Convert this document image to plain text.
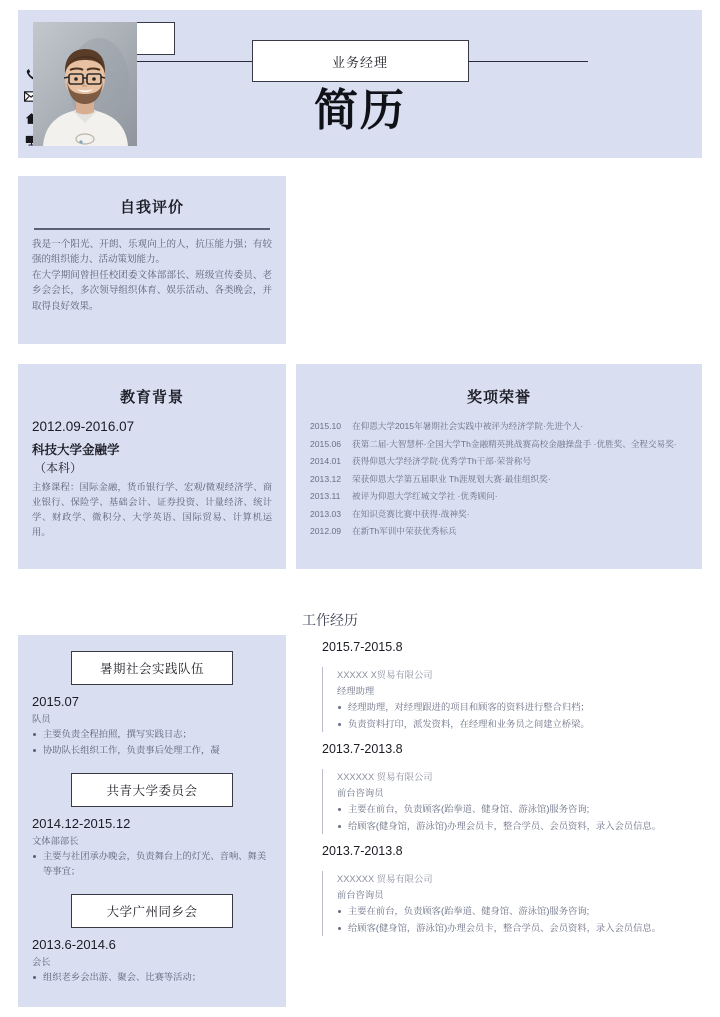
业务经理
简历
自我评价

我是一个阳光、开朗、乐观向上的人，抗压能力强；有较强的组织能力、活动策划能力。

在大学期间曾担任校团委文体部部长、班级宣传委员、老乡会会长，多次领导组织体育、娱乐活动、各类晚会，并取得良好效果。

教育背景
2012.09-2016.07
科技大学金融学
（本科）
主修课程：国际金融，货币银行学、宏观/微观经济学、商业银行、保险学、基础会计、证券投资、计量经济、统计学、财政学、微积分、大学英语、国际贸易、计算机运用。
奖项荣誉
2015.10	在仰恩大学2015年暑期社会实践中被评为经济学院·先进个人·
2015.06	获第二届·大智慧杯·全国大学Th金融精英挑战赛高校金融操盘手 ·优胜奖、全程交易奖·
2014.01	获得仰恩大学经济学院·优秀学Th干部·荣誉称号
2013.12	荣获仰恩大学第五届职业 Th涯规划大赛·最佳组织奖·
2013.11	被评为仰恩大学红城文学社 ·优秀顾问·
2013.03	在知识竞赛比赛中获得·战神奖·
2012.09	在新Th军训中荣获优秀标兵
暑期社会实践队伍
2015.07
队员
主要负责全程拍照，撰写实践日志；
协助队长组织工作，负责事后处理工作，凝
共青大学委员会
2014.12-2015.12
文体部部长
主要与社团承办晚会，负责舞台上的灯光、音响、舞美等事宜；
大学广州同乡会
2013.6-2014.6
会长
组织老乡会出游、聚会、比赛等活动；
工作经历
2015.7-2015.8
XXXXX X贸易有限公司
经理助理
经理助理，对经理跟进的项目和顾客的资料进行整合归档；
负责资料打印，派发资料，在经理和业务员之间建立桥梁。
2013.7-2013.8
XXXXXX 贸易有限公司
前台咨询员
主要在前台，负责顾客(跆拳道、健身馆、游泳馆)服务咨询;
给顾客(健身馆，游泳馆)办理会员卡，整合学员、会员资料，录入会员信息。
2013.7-2013.8
XXXXXX 贸易有限公司
前台咨询员
主要在前台，负责顾客(跆拳道、健身馆、游泳馆)服务咨询;
给顾客(健身馆，游泳馆)办理会员卡，整合学员、会员资料，录入会员信息。
